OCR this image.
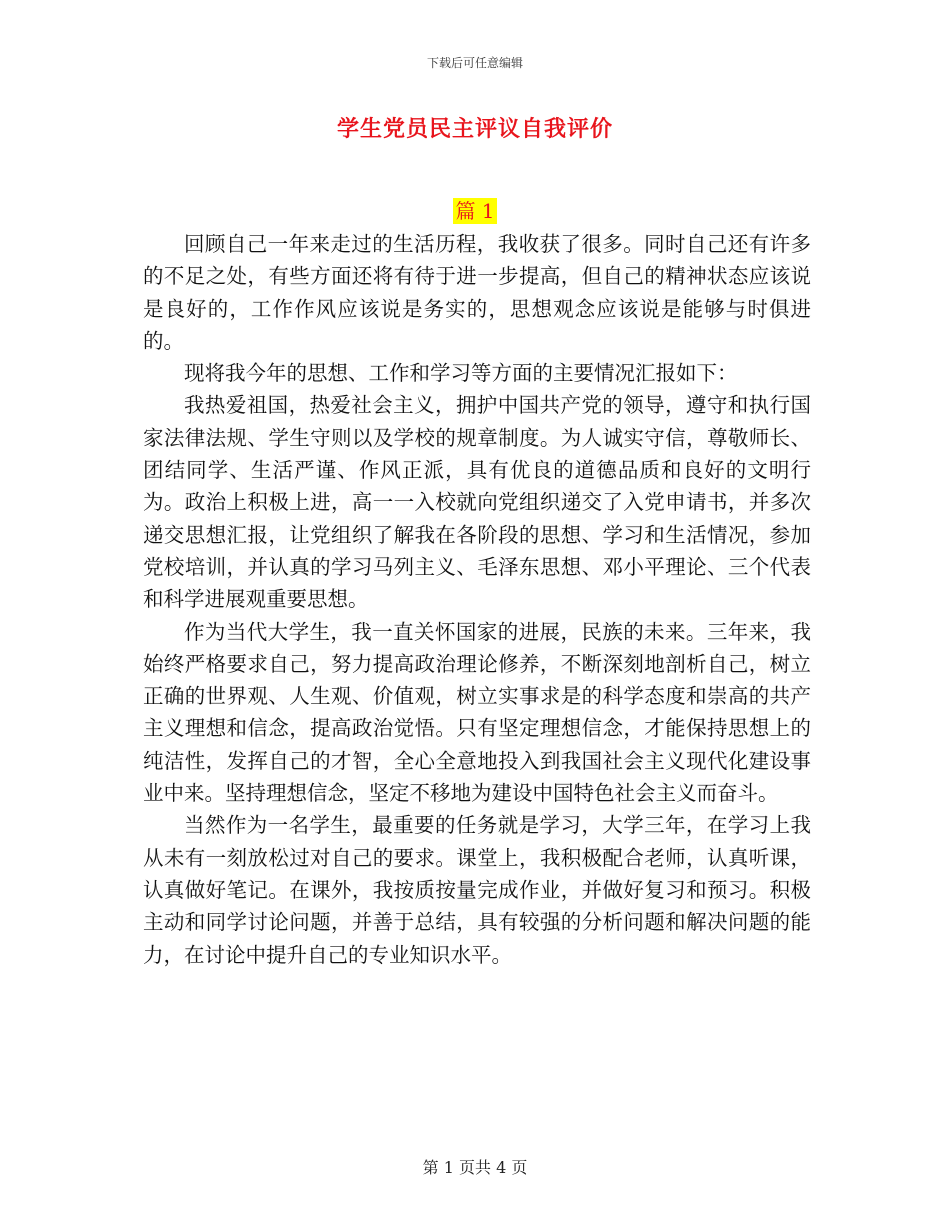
下载后可任意编辑
学生党员民主评议自我评价
篇 1

回顾自己一年来走过的生活历程，我收获了很多。同时自己还有许多的不足之处，有些方面还将有待于进一步提高，但自己的精神状态应该说是良好的，工作作风应该说是务实的，思想观念应该说是能够与时俱进的。

现将我今年的思想、工作和学习等方面的主要情况汇报如下：

我热爱祖国，热爱社会主义，拥护中国共产党的领导，遵守和执行国家法律法规、学生守则以及学校的规章制度。为人诚实守信，尊敬师长、团结同学、生活严谨、作风正派，具有优良的道德品质和良好的文明行为。政治上积极上进，高一一入校就向党组织递交了入党申请书，并多次递交思想汇报，让党组织了解我在各阶段的思想、学习和生活情况，参加党校培训，并认真的学习马列主义、毛泽东思想、邓小平理论、三个代表和科学进展观重要思想。

作为当代大学生，我一直关怀国家的进展，民族的未来。三年来，我始终严格要求自己，努力提高政治理论修养，不断深刻地剖析自己，树立正确的世界观、人生观、价值观，树立实事求是的科学态度和崇高的共产主义理想和信念，提高政治觉悟。只有坚定理想信念，才能保持思想上的纯洁性，发挥自己的才智，全心全意地投入到我国社会主义现代化建设事业中来。坚持理想信念，坚定不移地为建设中国特色社会主义而奋斗。

当然作为一名学生，最重要的任务就是学习，大学三年，在学习上我从未有一刻放松过对自己的要求。课堂上，我积极配合老师，认真听课，认真做好笔记。在课外，我按质按量完成作业，并做好复习和预习。积极主动和同学讨论问题，并善于总结，具有较强的分析问题和解决问题的能力，在讨论中提升自己的专业知识水平。

第 1 页共 4 页
